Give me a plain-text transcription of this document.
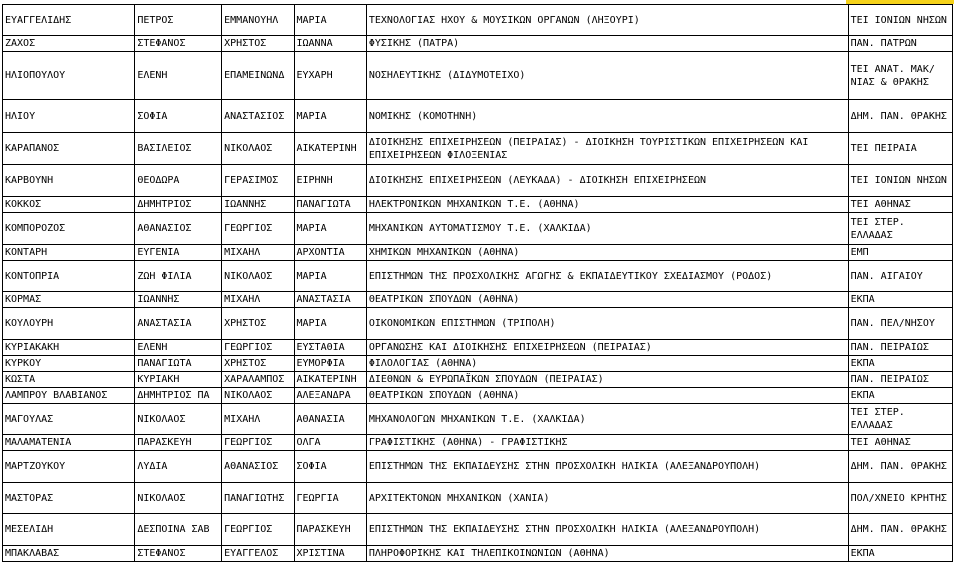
ΕΥΑΓΓΕΛΙΔΗΣ	ΠΕΤΡΟΣ	ΕΜΜΑΝΟΥΗΛ	ΜΑΡΙΑ	ΤΕΧΝΟΛΟΓΙΑΣ ΗΧΟΥ & ΜΟΥΣΙΚΩΝ ΟΡΓΑΝΩΝ (ΛΗΞΟΥΡΙ)	ΤΕΙ ΙΟΝΙΩΝ ΝΗΣΩΝ
ΖΑΧΟΣ	ΣΤΕΦΑΝΟΣ	ΧΡΗΣΤΟΣ	ΙΩΑΝΝΑ	ΦΥΣΙΚΗΣ (ΠΑΤΡΑ)	ΠΑΝ. ΠΑΤΡΩΝ
ΗΛΙΟΠΟΥΛΟΥ	ΕΛΕΝΗ	ΕΠΑΜΕΙΝΩΝΔ	ΕΥΧΑΡΗ	ΝΟΣΗΛΕΥΤΙΚΗΣ (ΔΙΔΥΜΟΤΕΙΧΟ)	ΤΕΙ ΑΝΑΤ. ΜΑΚ/ΝΙΑΣ & ΘΡΑΚΗΣ
ΗΛΙΟΥ	ΣΟΦΙΑ	ΑΝΑΣΤΑΣΙΟΣ	ΜΑΡΙΑ	ΝΟΜΙΚΗΣ (ΚΟΜΟΤΗΝΗ)	ΔΗΜ. ΠΑΝ. ΘΡΑΚΗΣ
ΚΑΡΑΠΑΝΟΣ	ΒΑΣΙΛΕΙΟΣ	ΝΙΚΟΛΑΟΣ	ΑΙΚΑΤΕΡΙΝΗ	ΔΙΟΙΚΗΣΗΣ ΕΠΙΧΕΙΡΗΣΕΩΝ (ΠΕΙΡΑΙΑΣ) - ΔΙΟΙΚΗΣΗ ΤΟΥΡΙΣΤΙΚΩΝ ΕΠΙΧΕΙΡΗΣΕΩΝ ΚΑΙ ΕΠΙΧΕΙΡΗΣΕΩΝ ΦΙΛΟΞΕΝΙΑΣ	ΤΕΙ ΠΕΙΡΑΙΑ
ΚΑΡΒΟΥΝΗ	ΘΕΟΔΩΡΑ	ΓΕΡΑΣΙΜΟΣ	ΕΙΡΗΝΗ	ΔΙΟΙΚΗΣΗΣ ΕΠΙΧΕΙΡΗΣΕΩΝ (ΛΕΥΚΑΔΑ) - ΔΙΟΙΚΗΣΗ ΕΠΙΧΕΙΡΗΣΕΩΝ	ΤΕΙ ΙΟΝΙΩΝ ΝΗΣΩΝ
ΚΟΚΚΟΣ	ΔΗΜΗΤΡΙΟΣ	ΙΩΑΝΝΗΣ	ΠΑΝΑΓΙΩΤΑ	ΗΛΕΚΤΡΟΝΙΚΩΝ ΜΗΧΑΝΙΚΩΝ Τ.Ε. (ΑΘΗΝΑ)	ΤΕΙ ΑΘΗΝΑΣ
ΚΟΜΠΟΡΟΖΟΣ	ΑΘΑΝΑΣΙΟΣ	ΓΕΩΡΓΙΟΣ	ΜΑΡΙΑ	ΜΗΧΑΝΙΚΩΝ ΑΥΤΟΜΑΤΙΣΜΟΥ Τ.Ε. (ΧΑΛΚΙΔΑ)	ΤΕΙ ΣΤΕΡ. ΕΛΛΑΔΑΣ
ΚΟΝΤΑΡΗ	ΕΥΓΕΝΙΑ	ΜΙΧΑΗΛ	ΑΡΧΟΝΤΙΑ	ΧΗΜΙΚΩΝ ΜΗΧΑΝΙΚΩΝ (ΑΘΗΝΑ)	ΕΜΠ
ΚΟΝΤΟΠΡΙΑ	ΖΩΗ ΦΙΛΙΑ	ΝΙΚΟΛΑΟΣ	ΜΑΡΙΑ	ΕΠΙΣΤΗΜΩΝ ΤΗΣ ΠΡΟΣΧΟΛΙΚΗΣ ΑΓΩΓΗΣ & ΕΚΠΑΙΔΕΥΤΙΚΟΥ ΣΧΕΔΙΑΣΜΟΥ (ΡΟΔΟΣ)	ΠΑΝ. ΑΙΓΑΙΟΥ
ΚΟΡΜΑΣ	ΙΩΑΝΝΗΣ	ΜΙΧΑΗΛ	ΑΝΑΣΤΑΣΙΑ	ΘΕΑΤΡΙΚΩΝ ΣΠΟΥΔΩΝ (ΑΘΗΝΑ)	ΕΚΠΑ
ΚΟΥΛΟΥΡΗ	ΑΝΑΣΤΑΣΙΑ	ΧΡΗΣΤΟΣ	ΜΑΡΙΑ	ΟΙΚΟΝΟΜΙΚΩΝ ΕΠΙΣΤΗΜΩΝ (ΤΡΙΠΟΛΗ)	ΠΑΝ. ΠΕΛ/ΝΗΣΟΥ
ΚΥΡΙΑΚΑΚΗ	ΕΛΕΝΗ	ΓΕΩΡΓΙΟΣ	ΕΥΣΤΑΘΙΑ	ΟΡΓΑΝΩΣΗΣ ΚΑΙ ΔΙΟΙΚΗΣΗΣ ΕΠΙΧΕΙΡΗΣΕΩΝ (ΠΕΙΡΑΙΑΣ)	ΠΑΝ. ΠΕΙΡΑΙΩΣ
ΚΥΡΚΟΥ	ΠΑΝΑΓΙΩΤΑ	ΧΡΗΣΤΟΣ	ΕΥΜΟΡΦΙΑ	ΦΙΛΟΛΟΓΙΑΣ (ΑΘΗΝΑ)	ΕΚΠΑ
ΚΩΣΤΑ	ΚΥΡΙΑΚΗ	ΧΑΡΑΛΑΜΠΟΣ	ΑΙΚΑΤΕΡΙΝΗ	ΔΙΕΘΝΩΝ & ΕΥΡΩΠΑΪΚΩΝ ΣΠΟΥΔΩΝ (ΠΕΙΡΑΙΑΣ)	ΠΑΝ. ΠΕΙΡΑΙΩΣ
ΛΑΜΠΡΟΥ ΒΛΑΒΙΑΝΟΣ	ΔΗΜΗΤΡΙΟΣ ΠΑ	ΝΙΚΟΛΑΟΣ	ΑΛΕΞΑΝΔΡΑ	ΘΕΑΤΡΙΚΩΝ ΣΠΟΥΔΩΝ (ΑΘΗΝΑ)	ΕΚΠΑ
ΜΑΓΟΥΛΑΣ	ΝΙΚΟΛΑΟΣ	ΜΙΧΑΗΛ	ΑΘΑΝΑΣΙΑ	ΜΗΧΑΝΟΛΟΓΩΝ ΜΗΧΑΝΙΚΩΝ Τ.Ε. (ΧΑΛΚΙΔΑ)	ΤΕΙ ΣΤΕΡ. ΕΛΛΑΔΑΣ
ΜΑΛΑΜΑΤΕΝΙΑ	ΠΑΡΑΣΚΕΥΗ	ΓΕΩΡΓΙΟΣ	ΟΛΓΑ	ΓΡΑΦΙΣΤΙΚΗΣ (ΑΘΗΝΑ) - ΓΡΑΦΙΣΤΙΚΗΣ	ΤΕΙ ΑΘΗΝΑΣ
ΜΑΡΤΖΟΥΚΟΥ	ΛΥΔΙΑ	ΑΘΑΝΑΣΙΟΣ	ΣΟΦΙΑ	ΕΠΙΣΤΗΜΩΝ ΤΗΣ ΕΚΠΑΙΔΕΥΣΗΣ ΣΤΗΝ ΠΡΟΣΧΟΛΙΚΗ ΗΛΙΚΙΑ (ΑΛΕΞΑΝΔΡΟΥΠΟΛΗ)	ΔΗΜ. ΠΑΝ. ΘΡΑΚΗΣ
ΜΑΣΤΟΡΑΣ	ΝΙΚΟΛΑΟΣ	ΠΑΝΑΓΙΩΤΗΣ	ΓΕΩΡΓΙΑ	ΑΡΧΙΤΕΚΤΟΝΩΝ ΜΗΧΑΝΙΚΩΝ (ΧΑΝΙΑ)	ΠΟΛ/ΧΝΕΙΟ ΚΡΗΤΗΣ
ΜΕΣΕΛΙΔΗ	ΔΕΣΠΟΙΝΑ ΣΑΒ	ΓΕΩΡΓΙΟΣ	ΠΑΡΑΣΚΕΥΗ	ΕΠΙΣΤΗΜΩΝ ΤΗΣ ΕΚΠΑΙΔΕΥΣΗΣ ΣΤΗΝ ΠΡΟΣΧΟΛΙΚΗ ΗΛΙΚΙΑ (ΑΛΕΞΑΝΔΡΟΥΠΟΛΗ)	ΔΗΜ. ΠΑΝ. ΘΡΑΚΗΣ
ΜΠΑΚΛΑΒΑΣ	ΣΤΕΦΑΝΟΣ	ΕΥΑΓΓΕΛΟΣ	ΧΡΙΣΤΙΝΑ	ΠΛΗΡΟΦΟΡΙΚΗΣ ΚΑΙ ΤΗΛΕΠΙΚΟΙΝΩΝΙΩΝ (ΑΘΗΝΑ)	ΕΚΠΑ
